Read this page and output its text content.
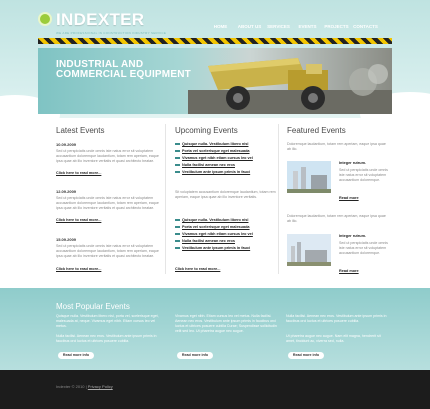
INDEXTER
WE ARE PROFESSIONAL IN CONSTRUCTION INDUSTRY SERVICE
HOME	ABOUT US	SERVICES	EVENTS	PROJECTS	CONTACTS
INDUSTRIAL AND
COMMERCIAL EQUIPMENT
Latest Events
10.09.2009
Sed ut perspiciatis unde omnis iste natus error sit voluptatem accusantium doloremque laudantium, totam rem aperiam, eaque ipsa quae ab illo inventore veritatis et quasi architecto beatae.
Click here to read more...
12.09.2009
Sed ut perspiciatis unde omnis iste natus error sit voluptatem accusantium doloremque laudantium, totam rem aperiam, eaque ipsa quae ab illo inventore veritatis et quasi architecto beatae.
Click here to read more...
15.09.2009
Sed ut perspiciatis unde omnis iste natus error sit voluptatem accusantium doloremque laudantium, totam rem aperiam, eaque ipsa quae ab illo inventore veritatis et quasi architecto beatae.
Click here to read more...
Upcoming Events
Quisque nulla. Vestibulum libero nisl
Porta vel scelerisque eget malesuada
Vivamus eget nibh etiam cursus leo vel
Nulla facilisi aenean nec eros
Vestibulum ante ipsum primis in fauci
Sit voluptatem accusantium doloremque laudantium, totam rem aperiam, eaque ipsa quae ab illo inventore veritatis.
Quisque nulla. Vestibulum libero nisl
Porta vel scelerisque eget malesuada
Vivamus eget nibh etiam cursus leo vel
Nulla facilisi aenean nec eros
Vestibulum ante ipsum primis in fauci
Click here to read more...
Featured Events
Doloremque laudantium, totam rem aperiam, eaque ipsa quae ab illo.
Integer rutrum.
Sed ut perspiciatis unde omnis iste natus error sit voluptatem accusantium doloremque.
Read more
Doloremque laudantium, totam rem aperiam, eaque ipsa quae ab illo.
Integer rutrum.
Sed ut perspiciatis unde omnis iste natus error sit voluptatem accusantium doloremque.
Read more
Most Popular Events
Quisque nulla. Vestibulum libero nisl, porta vel, scelerisque eget, malesuada at, neque. Vivamus eget nibh. Etiam cursus leo vel metus.
Nulla facilisi. Aenean nec eros. Vestibulum ante ipsum primis in faucibus orci luctus et ultrices posuere cubilia.
Read more info
Vivamus eget nibh. Etiam cursus leo vel metus. Nulla facilisi. Aenean nec eros. Vestibulum ante ipsum primis in faucibus orci luctus et ultrices posuere cubilia Curae; Suspendisse sollicitudin velit sed leo. Ut pharetra augue nec augue.
Read more info
Nulla facilisi. Aenean nec eros. Vestibulum ante ipsum primis in faucibus orci luctus et ultrices posuere cubilia.
Ut pharetra augue nec augue. Nam elit magna, hendrerit sit amet, tincidunt ac, viverra sed, nulla.
Read more info
Indexter © 2010 | Privacy Policy
